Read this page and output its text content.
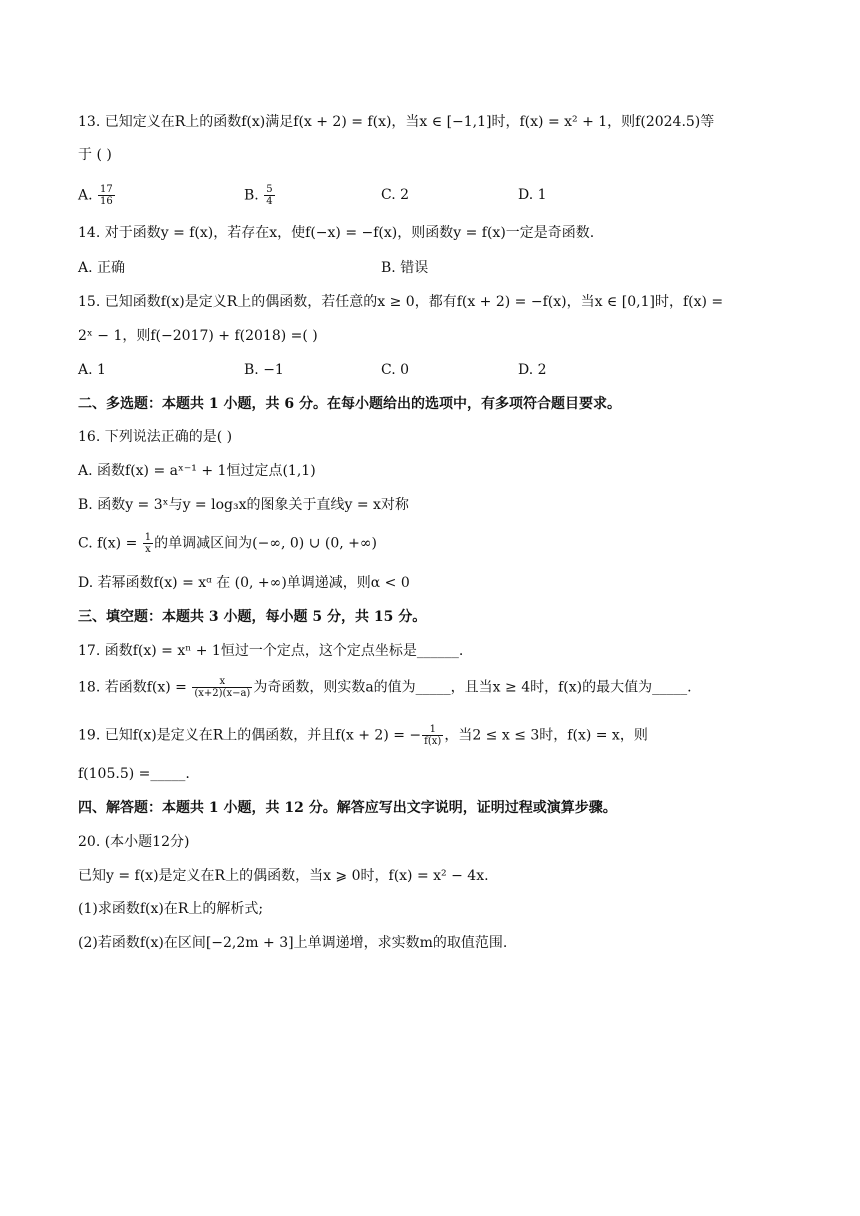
13. 已知定义在R上的函数f(x)满足f(x + 2) = f(x)，当x ∈ [−1,1]时，f(x) = x² + 1，则f(2024.5)等
于 ( )
A. $\frac{17}{16}$	B. $\frac{5}{4}$	C. 2	D. 1
14. 对于函数y = f(x)，若存在x，使f(−x) = −f(x)，则函数y = f(x)一定是奇函数.
A. 正确	B. 错误
15. 已知函数f(x)是定义R上的偶函数，若任意的x ≥ 0，都有f(x + 2) = −f(x)，当x ∈ [0,1]时，f(x) =
2ˣ − 1，则f(−2017) + f(2018) =( )
A. 1	B. −1	C. 0	D. 2
二、多选题：本题共 1 小题，共 6 分。在每小题给出的选项中，有多项符合题目要求。
16. 下列说法正确的是( )
A. 函数f(x) = aˣ⁻¹ + 1恒过定点(1,1)
B. 函数y = 3ˣ与y = log₃x的图象关于直线y = x对称
C. $f(x) = \frac{1}{x}$ 的单调减区间为(−∞, 0) ∪ (0, +∞)
D. 若幂函数f(x) = xᵅ 在 (0, +∞)单调递减，则α < 0
三、填空题：本题共 3 小题，每小题 5 分，共 15 分。
17. 函数f(x) = xⁿ + 1恒过一个定点，这个定点坐标是______.
18. 若函数$f(x) = \frac{x}{(x+2)(x-a)}$ 为奇函数，则实数a的值为_____，且当x ≥ 4时，f(x)的最大值为_____.
19. 已知f(x)是定义在R上的偶函数，并且f(x + 2) = − $\frac{1}{f(x)}$ ，当2 ≤ x ≤ 3时，f(x) = x，则
f(105.5) =_____.
四、解答题：本题共 1 小题，共 12 分。解答应写出文字说明，证明过程或演算步骤。
20. (本小题12分)
已知y = f(x)是定义在R上的偶函数，当x ⩾ 0时，f(x) = x² − 4x.
(1)求函数f(x)在R上的解析式;
(2)若函数f(x)在区间[−2,2m + 3]上单调递增，求实数m的取值范围.
